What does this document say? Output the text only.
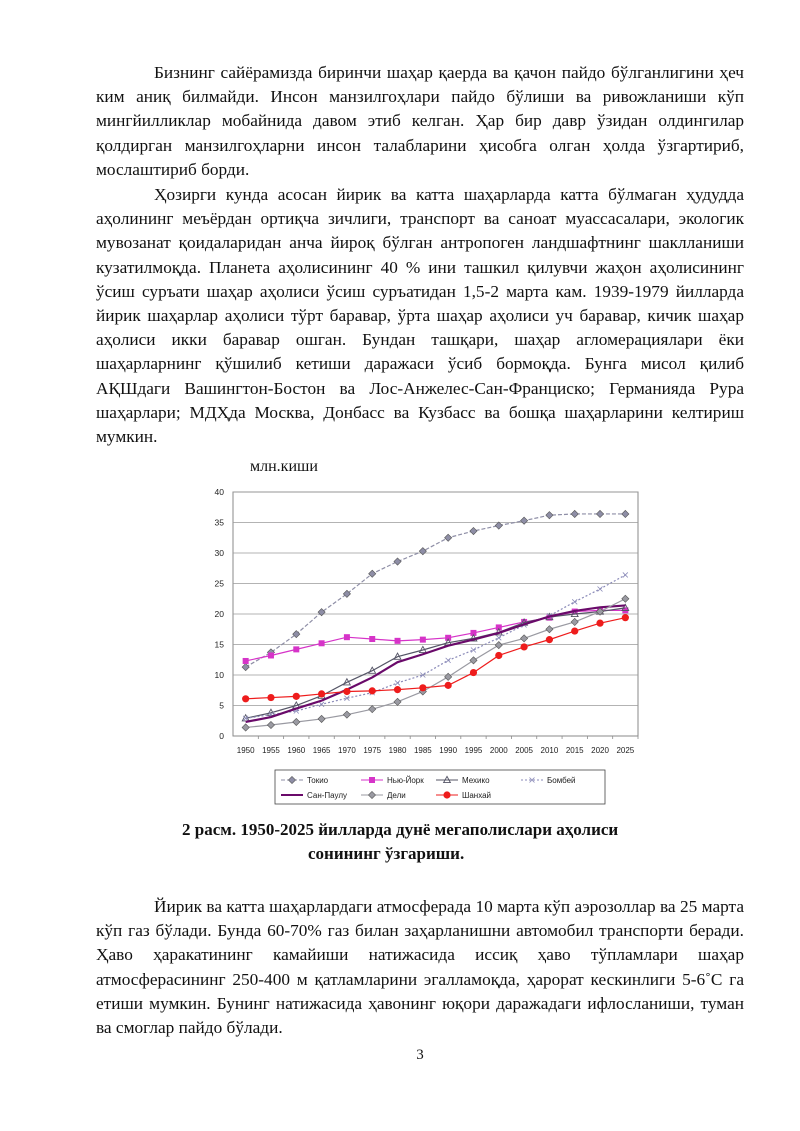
Бизнинг сайёрамизда биринчи шаҳар қаерда ва қачон пайдо бўлганлигини ҳеч ким аниқ билмайди. Инсон манзилгоҳлари пайдо бўлиши ва ривожланиши кўп мингйилликлар мобайнида давом этиб келган. Ҳар бир давр ўзидан олдингилар қолдирган манзилгоҳларни инсон талабларини ҳисобга олган ҳолда ўзгартириб, мослаштириб борди.

Ҳозирги кунда асосан йирик ва катта шаҳарларда катта бўлмаган ҳудудда аҳолининг меъёрдан ортиқча зичлиги, транспорт ва саноат муассасалари, экологик мувозанат қоидаларидан анча йироқ бўлган антропоген ландшафтнинг шаклланиши кузатилмоқда. Планета аҳолисининг 40 % ини ташкил қилувчи жаҳон аҳолисининг ўсиш суръати шаҳар аҳолиси ўсиш суръатидан 1,5-2 марта кам. 1939-1979 йилларда йирик шаҳарлар аҳолиси тўрт баравар, ўрта шаҳар аҳолиси уч баравар, кичик шаҳар аҳолиси икки баравар ошган. Бундан ташқари, шаҳар агломерациялари ёки шаҳарларнинг қўшилиб кетиши даражаси ўсиб бормоқда. Бунга мисол қилиб АҚШдаги Вашингтон-Бостон ва Лос-Анжелес-Сан-Франциско; Германияда Рура шаҳарлари; МДҲда Москва, Донбасс ва Кузбасс ва бошқа шаҳарларини келтириш мумкин.

млн.киши
0
5
10
15
20
25
30
35
40
1950 1955 1960 1965 1970 1975 1980 1985 1990 1995 2000 2005 2010 2015 2020 2025
Токио	Нью-Йорк	Мехико	Бомбей
Сан-Паулу	Дели	Шанхай
2 расм. 1950-2025 йилларда дунё мегаполислари аҳолиси
сонининг ўзгариши.

Йирик ва катта шаҳарлардаги атмосферада 10 марта кўп аэрозоллар ва 25 марта кўп газ бўлади. Бунда 60-70% газ билан заҳарланишни автомобил транспорти беради. Ҳаво ҳаракатининг камайиши натижасида иссиқ ҳаво тўпламлари шаҳар атмосферасининг 250-400 м қатламларини эгалламоқда, ҳарорат кескинлиги 5-6˚С га етиши мумкин. Бунинг натижасида ҳавонинг юқори даражадаги ифлосланиши, туман ва смоглар пайдо бўлади.

3
